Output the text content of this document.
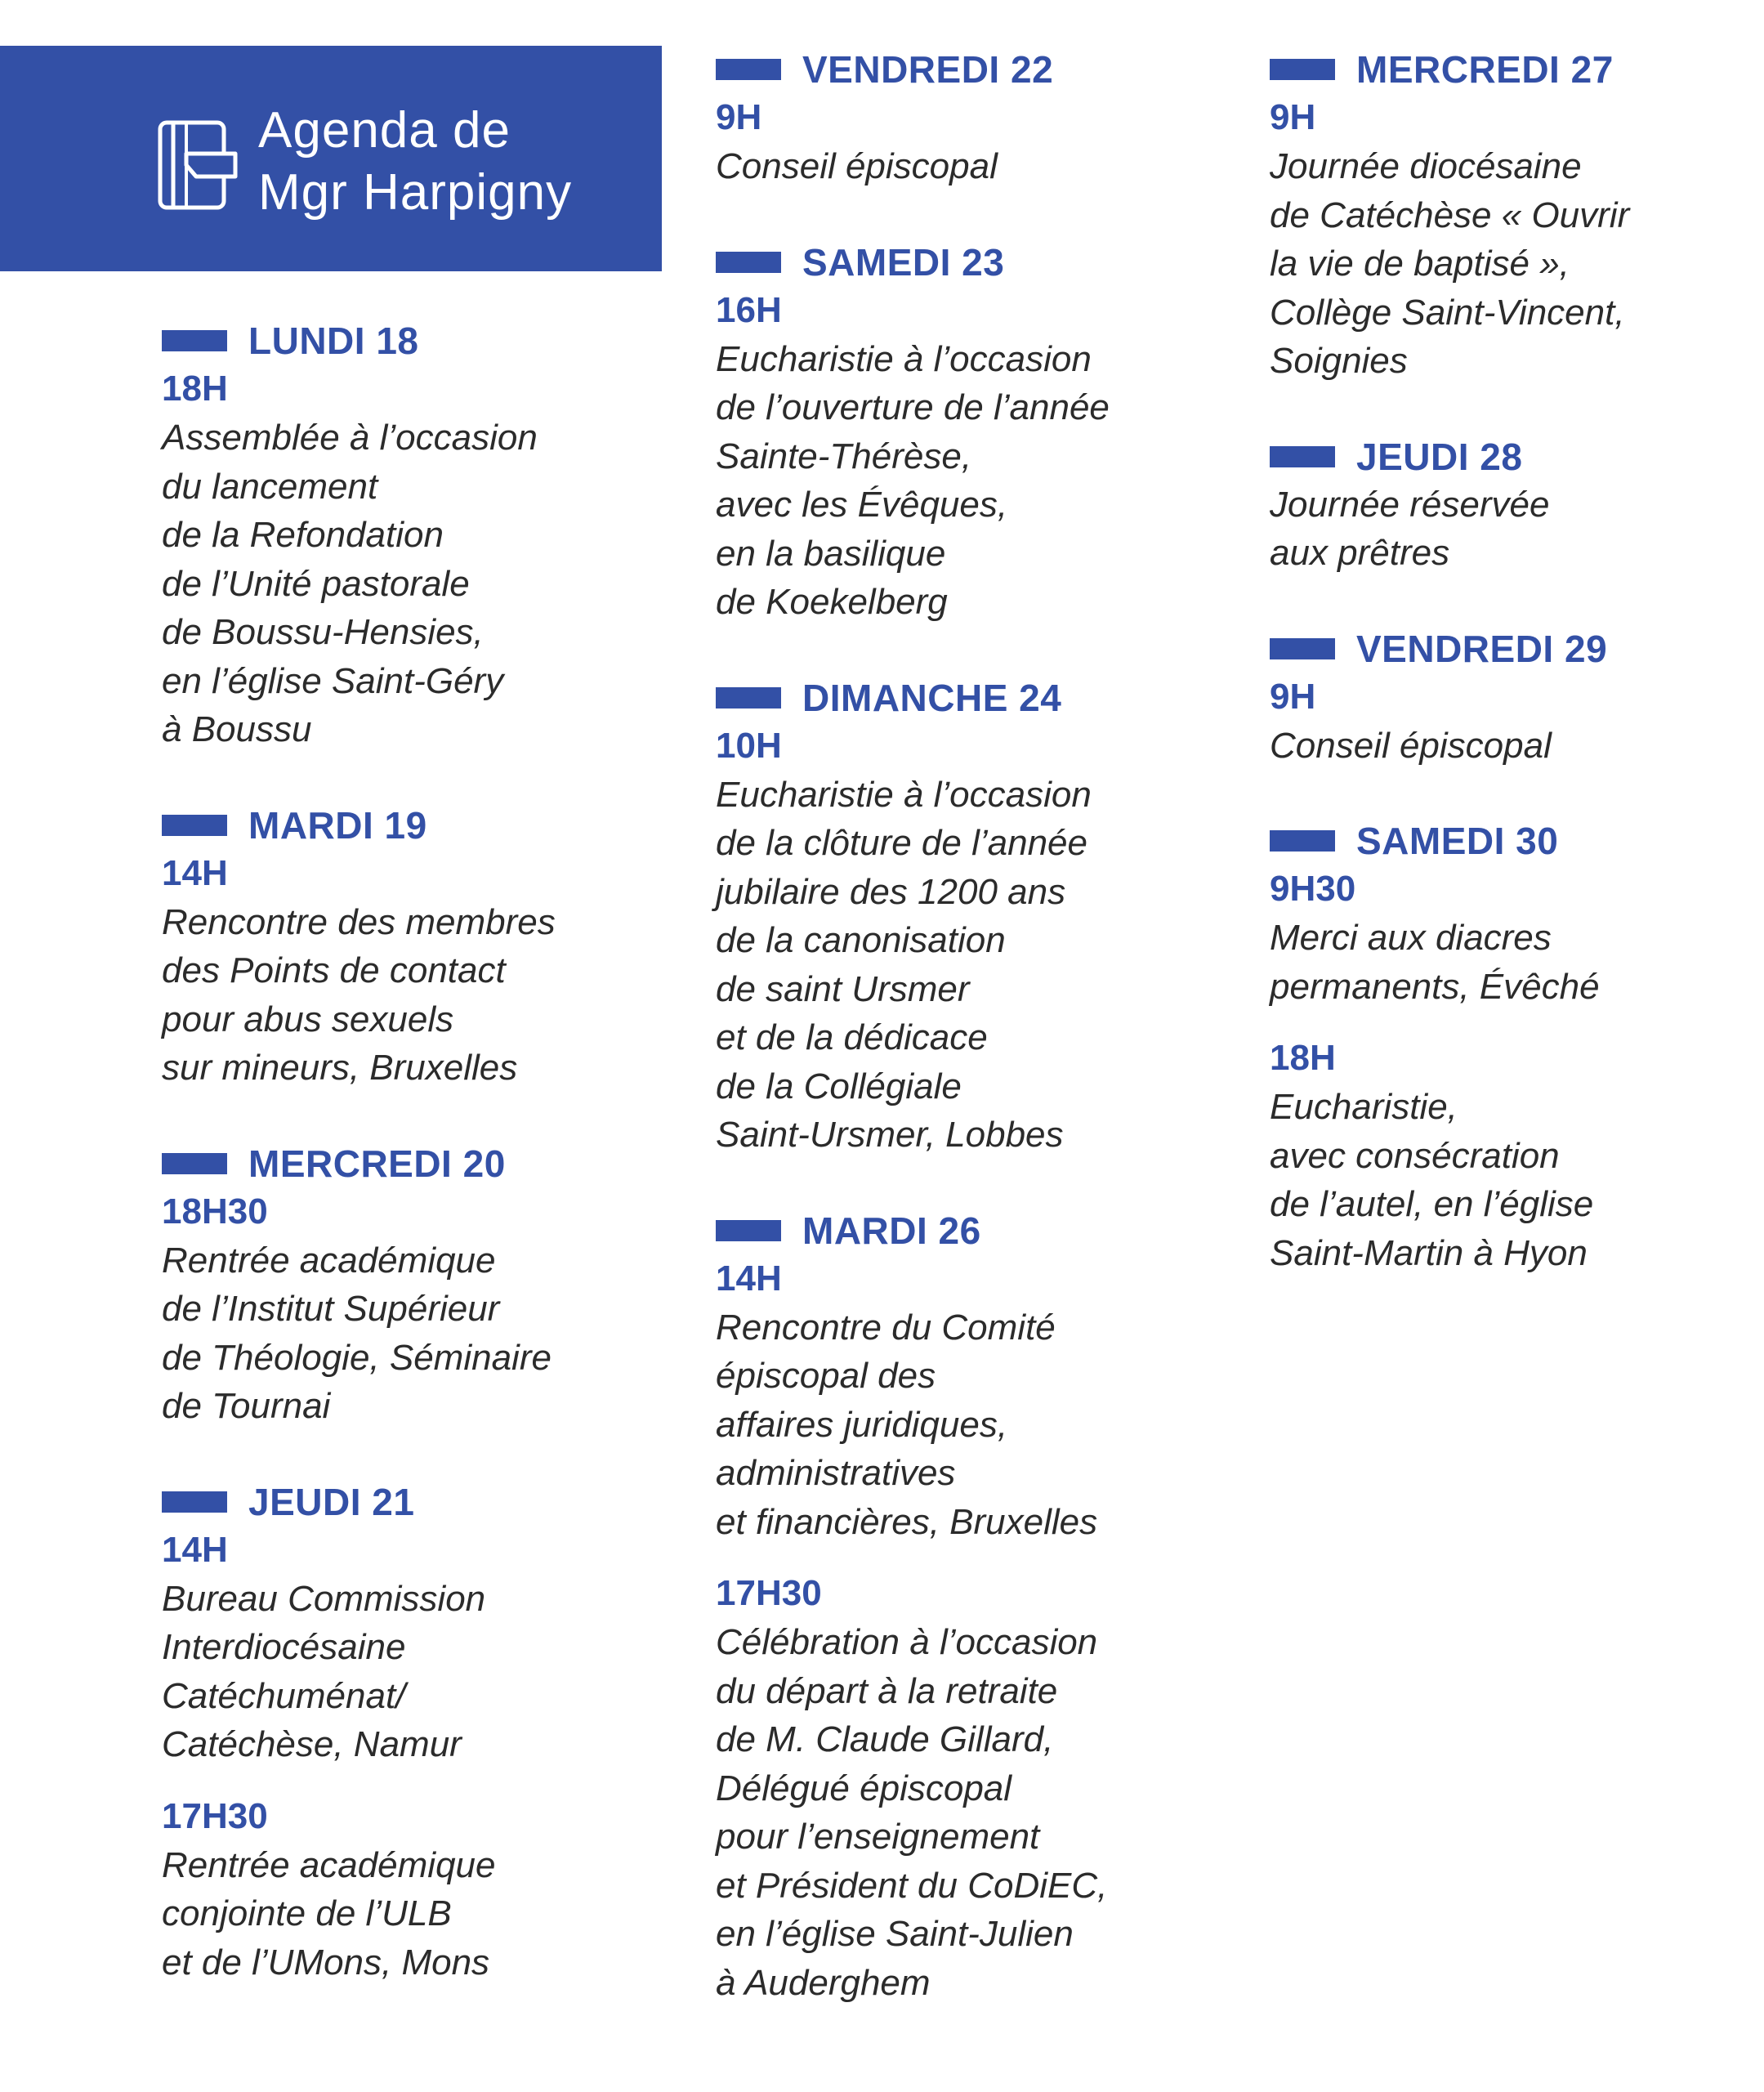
Agenda de
Mgr Harpigny
LUNDI 18
18H
Assemblée à l’occasion
du lancement
de la Refondation
de l’Unité pastorale
de Boussu-Hensies,
en l’église Saint-Géry
à Boussu
MARDI 19
14H
Rencontre des membres
des Points de contact
pour abus sexuels
sur mineurs, Bruxelles
MERCREDI 20
18H30
Rentrée académique
de l’Institut Supérieur
de Théologie, Séminaire
de Tournai
JEUDI 21
14H
Bureau Commission
Interdiocésaine
Catéchuménat/
Catéchèse, Namur
17H30
Rentrée académique
conjointe de l’ULB
et de l’UMons, Mons
VENDREDI 22
9H
Conseil épiscopal
SAMEDI 23
16H
Eucharistie à l’occasion
de l’ouverture de l’année
Sainte-Thérèse,
avec les Évêques,
en la basilique
de Koekelberg
DIMANCHE 24
10H
Eucharistie à l’occasion
de la clôture de l’année
jubilaire des 1200 ans
de la canonisation
de saint Ursmer
et de la dédicace
de la Collégiale
Saint-Ursmer, Lobbes
MARDI 26
14H
Rencontre du Comité
épiscopal des
affaires juridiques,
administratives
et financières, Bruxelles
17H30
Célébration à l’occasion
du départ à la retraite
de M. Claude Gillard,
Délégué épiscopal
pour l’enseignement
et Président du CoDiEC,
en l’église Saint-Julien
à Auderghem
MERCREDI 27
9H
Journée diocésaine
de Catéchèse « Ouvrir
la vie de baptisé »,
Collège Saint-Vincent,
Soignies
JEUDI 28
Journée réservée
aux prêtres
VENDREDI 29
9H
Conseil épiscopal
SAMEDI 30
9H30
Merci aux diacres
permanents, Évêché
18H
Eucharistie,
avec consécration
de l’autel, en l’église
Saint-Martin à Hyon
